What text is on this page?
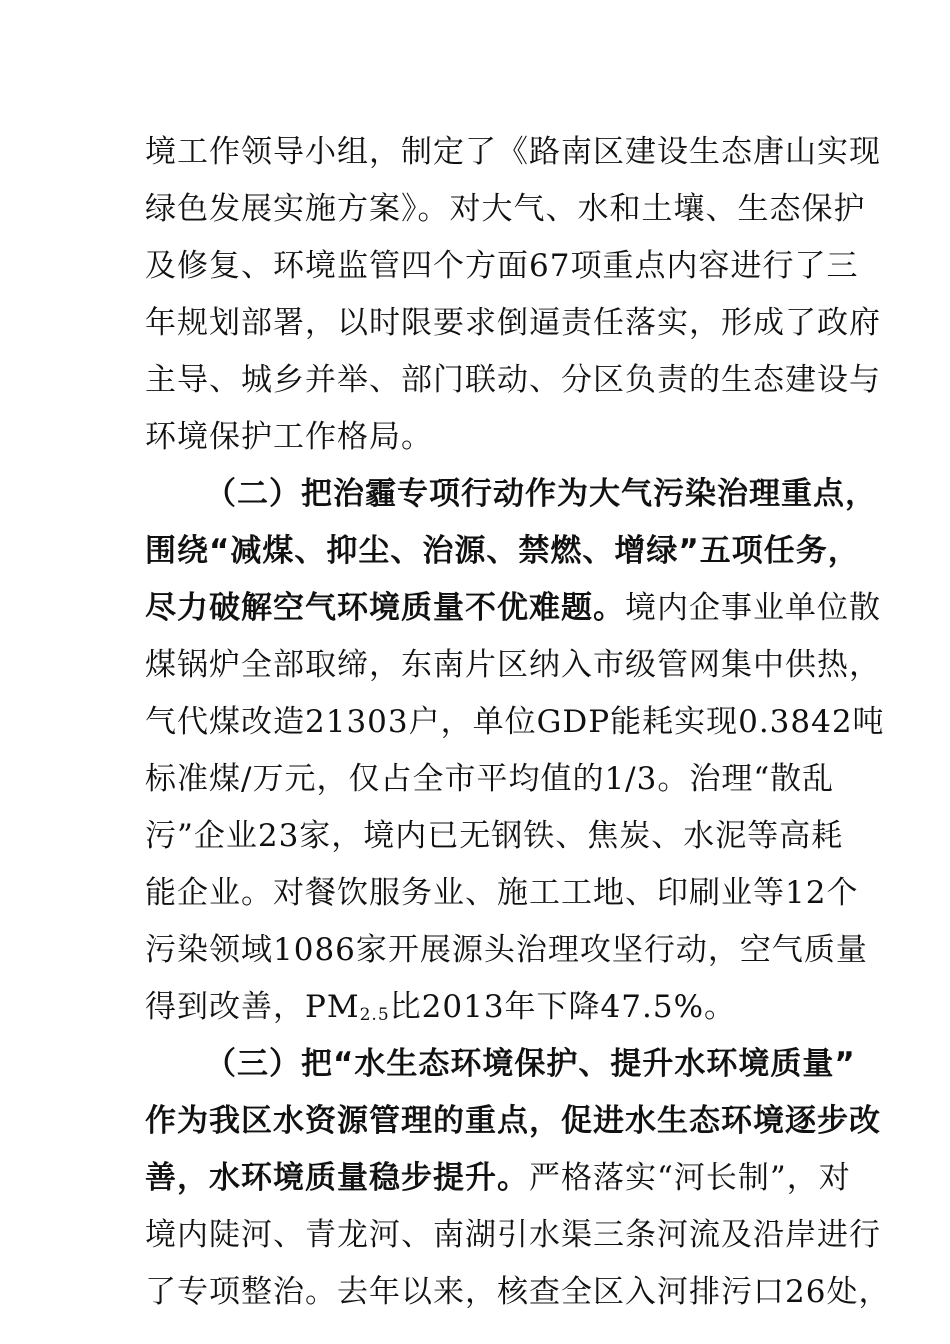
境工作领导小组，制定了《路南区建设生态唐山实现
绿色发展实施方案》。对大气、水和土壤、生态保护
及修复、环境监管四个方面67项重点内容进行了三
年规划部署，以时限要求倒逼责任落实，形成了政府
主导、城乡并举、部门联动、分区负责的生态建设与
环境保护工作格局。
（二）把治霾专项行动作为大气污染治理重点，
围绕“减煤、抑尘、治源、禁燃、增绿”五项任务，
尽力破解空气环境质量不优难题。境内企事业单位散
煤锅炉全部取缔，东南片区纳入市级管网集中供热，
气代煤改造21303户，单位GDP能耗实现0.3842吨
标准煤/万元，仅占全市平均值的1/3。治理“散乱
污”企业23家，境内已无钢铁、焦炭、水泥等高耗
能企业。对餐饮服务业、施工工地、印刷业等12个
污染领域1086家开展源头治理攻坚行动，空气质量
得到改善，$PM_{2.5}$比2013年下降47.5%。
（三）把“水生态环境保护、提升水环境质量”
作为我区水资源管理的重点，促进水生态环境逐步改
善，水环境质量稳步提升。严格落实“河长制”，对
境内陡河、青龙河、南湖引水渠三条河流及沿岸进行
了专项整治。去年以来，核查全区入河排污口26处，
